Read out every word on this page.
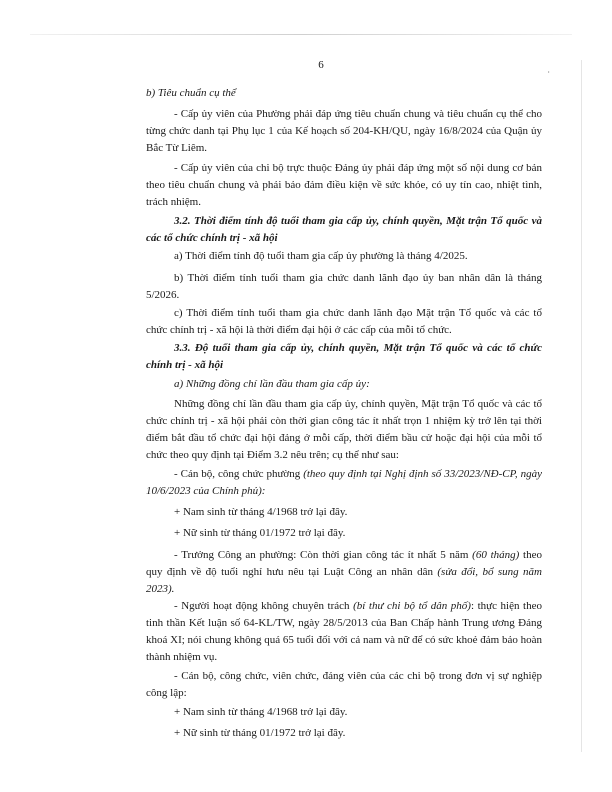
6
·
b) Tiêu chuẩn cụ thể
- Cấp ủy viên của Phường phải đáp ứng tiêu chuẩn chung và tiêu chuẩn cụ thể cho từng chức danh tại Phụ lục 1 của Kế hoạch số 204-KH/QU, ngày 16/8/2024 của Quận ủy Bắc Từ Liêm.
- Cấp ủy viên của chi bộ trực thuộc Đảng ủy phải đáp ứng một số nội dung cơ bản theo tiêu chuẩn chung và phải bảo đảm điều kiện về sức khỏe, có uy tín cao, nhiệt tình, trách nhiệm.
3.2. Thời điểm tính độ tuổi tham gia cấp ủy, chính quyền, Mặt trận Tổ quốc và các tổ chức chính trị - xã hội
a) Thời điểm tính độ tuổi tham gia cấp ủy phường là tháng 4/2025.
b) Thời điểm tính tuổi tham gia chức danh lãnh đạo ủy ban nhân dân là tháng 5/2026.
c) Thời điểm tính tuổi tham gia chức danh lãnh đạo Mặt trận Tổ quốc và các tổ chức chính trị - xã hội là thời điểm đại hội ở các cấp của mỗi tổ chức.
3.3. Độ tuổi tham gia cấp ủy, chính quyền, Mặt trận Tổ quốc và các tổ chức chính trị - xã hội
a) Những đồng chí lần đầu tham gia cấp ủy:
Những đồng chí lần đầu tham gia cấp ủy, chính quyền, Mặt trận Tổ quốc và các tổ chức chính trị - xã hội phải còn thời gian công tác ít nhất trọn 1 nhiệm kỳ trở lên tại thời điểm bắt đầu tổ chức đại hội đảng ở mỗi cấp, thời điểm bầu cử hoặc đại hội của mỗi tổ chức theo quy định tại Điểm 3.2 nêu trên; cụ thể như sau:
- Cán bộ, công chức phường (theo quy định tại Nghị định số 33/2023/NĐ-CP, ngày 10/6/2023 của Chính phủ):
+ Nam sinh từ tháng 4/1968 trở lại đây.
+ Nữ sinh từ tháng 01/1972 trở lại đây.
- Trưởng Công an phường: Còn thời gian công tác ít nhất 5 năm (60 tháng) theo quy định về độ tuổi nghỉ hưu nêu tại Luật Công an nhân dân (sửa đổi, bổ sung năm 2023).
- Người hoạt động không chuyên trách (bí thư chi bộ tổ dân phố): thực hiện theo tinh thần Kết luận số 64-KL/TW, ngày 28/5/2013 của Ban Chấp hành Trung ương Đảng khoá XI; nói chung không quá 65 tuổi đối với cả nam và nữ để có sức khoẻ đảm bảo hoàn thành nhiệm vụ.
- Cán bộ, công chức, viên chức, đảng viên của các chi bộ trong đơn vị sự nghiệp công lập:
+ Nam sinh từ tháng 4/1968 trở lại đây.
+ Nữ sinh từ tháng 01/1972 trở lại đây.
